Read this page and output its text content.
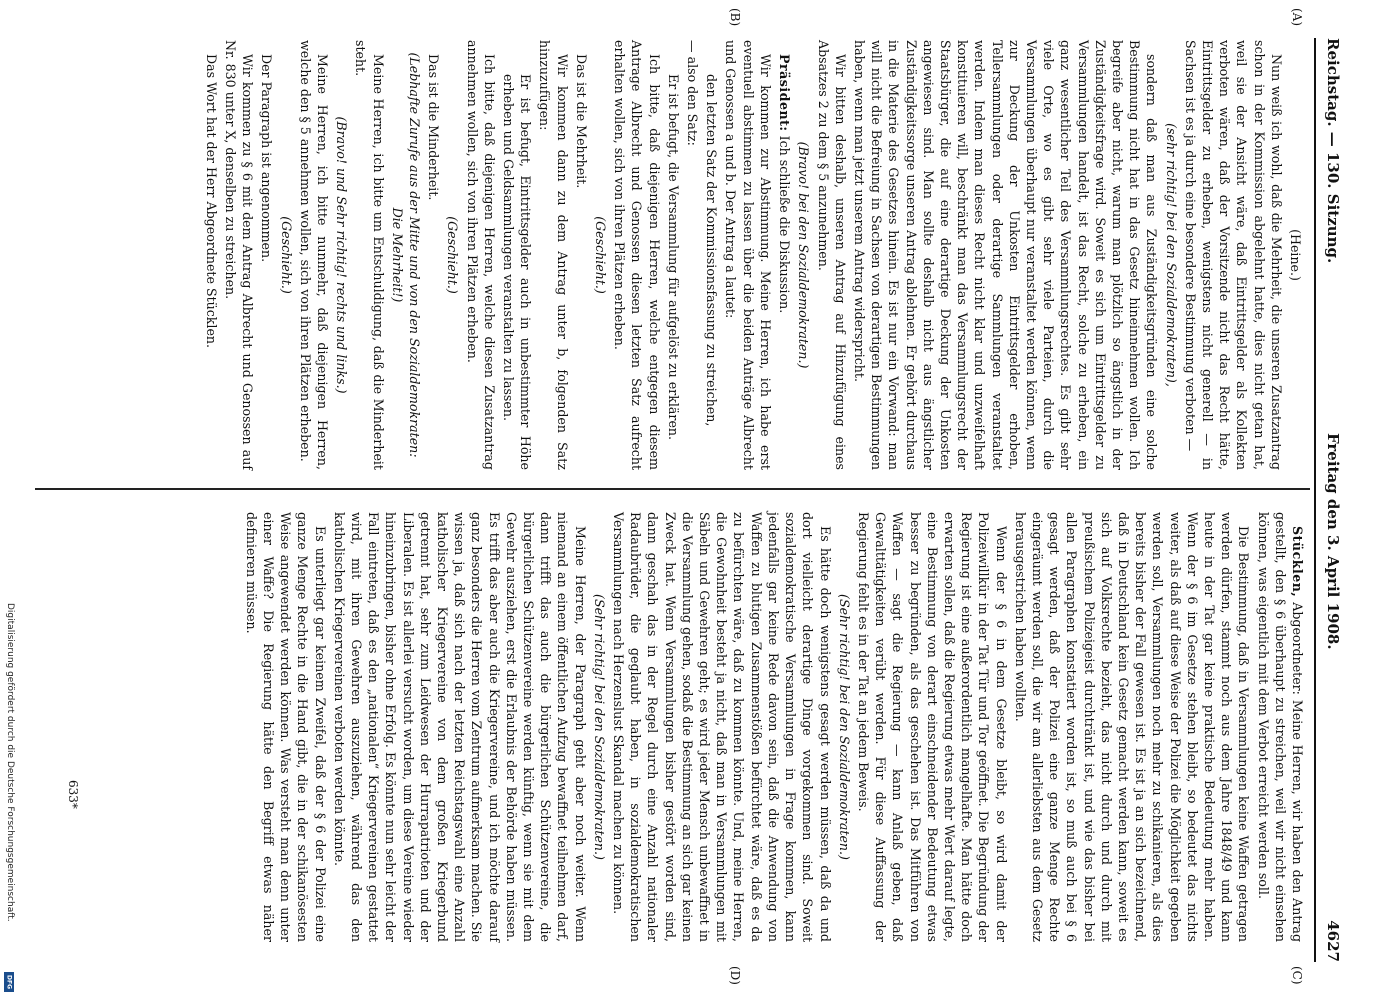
Digitalisierung gefördert durch die Deutsche Forschungsgemeinschaft.
DFG
Reichstag. — 130. Sitzung.
Freitag den 3. April 1908.
4627
(A)
(B)
(C)
(D)

(Heine.)

Nun weiß ich wohl, daß die Mehrheit, die unseren Zusatzantrag schon in der Kommission abgelehnt hatte, dies nicht getan hat, weil sie der Ansicht wäre, daß Eintrittsgelder als Kollekten verboten wären, daß der Vorsitzende nicht das Recht hätte, Eintrittsgelder zu erheben, wenigstens nicht generell — in Sachsen ist es ja durch eine besondere Bestimmung verboten —

(sehr richtig! bei den Sozialdemokraten),

sondern daß man aus Zuständigkeitsgründen eine solche Bestimmung nicht hat in das Gesetz hineinnehmen wollen. Ich begreife aber nicht, warum man plötzlich so ängstlich in der Zuständigkeitsfrage wird. Soweit es sich um Eintrittsgelder zu Versammlungen handelt, ist das Recht, solche zu erheben, ein ganz wesentlicher Teil des Versammlungsrechtes. Es gibt sehr viele Orte, wo es gibt sehr viele Parteien, durch die Versammlungen überhaupt nur veranstaltet werden können, wenn zur Deckung der Unkosten Eintrittsgelder erhoben, Tellersammlungen oder derartige Sammlungen veranstaltet werden. Indem man dieses Recht nicht klar und unzweifelhaft konstituieren will, beschränkt man das Versammlungsrecht der Staatsbürger, die auf eine derartige Deckung der Unkosten angewiesen sind. Man sollte deshalb nicht aus ängstlicher Zuständigkeitssorge unseren Antrag ablehnen. Er gehört durchaus in die Materie des Gesetzes hinein. Es ist nur ein Vorwand: man will nicht die Befreiung in Sachsen von derartigen Bestimmungen haben, wenn man jetzt unserem Antrag widerspricht.

Wir bitten deshalb, unseren Antrag auf Hinzufügung eines Absatzes 2 zu dem § 5 anzunehmen.

(Bravo! bei den Sozialdemokraten.)

Präsident: Ich schließe die Diskussion.

Wir kommen zur Abstimmung. Meine Herren, ich habe erst eventuell abstimmen zu lassen über die beiden Anträge Albrecht und Genossen a und b. Der Antrag a lautet:

den letzten Satz der Kommissionsfassung zu streichen,

— also den Satz:

Er ist befugt, die Versammlung für aufgelöst zu erklären.

Ich bitte, daß diejenigen Herren, welche entgegen diesem Antrage Albrecht und Genossen diesen letzten Satz aufrecht erhalten wollen, sich von ihren Plätzen erheben.

(Geschieht.)

Das ist die Mehrheit.

Wir kommen dann zu dem Antrag unter b, folgenden Satz hinzuzufügen:

Er ist befugt, Eintrittsgelder auch in unbestimmter Höhe erheben und Geldsammlungen veranstalten zu lassen.

Ich bitte, daß diejenigen Herren, welche diesen Zusatzantrag annehmen wollen, sich von ihren Plätzen erheben.

(Geschieht.)

Das ist die Minderheit.

(Lebhafte Zurufe aus der Mitte und von den Sozialdemokraten: Die Mehrheit!)

Meine Herren, ich bitte um Entschuldigung, daß die Minderheit steht.

(Bravo! und Sehr richtig! rechts und links.)

Meine Herren, ich bitte nunmehr, daß diejenigen Herren, welche den § 5 annehmen wollen, sich von ihren Plätzen erheben.

(Geschieht.)

Der Paragraph ist angenommen.

Wir kommen zu § 6 mit dem Antrag Albrecht und Genossen auf Nr. 830 unter X, denselben zu streichen.

Das Wort hat der Herr Abgeordnete Stücklen.

Stücklen, Abgeordneter: Meine Herren, wir haben den Antrag gestellt, den § 6 überhaupt zu streichen, weil wir nicht einsehen können, was eigentlich mit dem Verbot erreicht werden soll.

Die Bestimmung, daß in Versammlungen keine Waffen getragen werden dürfen, stammt noch aus dem Jahre 1848/49 und kann heute in der Tat gar keine praktische Bedeutung mehr haben. Wenn der § 6 im Gesetze stehen bleibt, so bedeutet das nichts weiter, als daß auf diese Weise der Polizei die Möglichkeit gegeben werden soll, Versammlungen noch mehr zu schikanieren, als dies bereits bisher der Fall gewesen ist. Es ist ja an sich bezeichnend, daß in Deutschland kein Gesetz gemacht werden kann, soweit es sich auf Volksrechte bezieht, das nicht durch und durch mit preußischem Polizeigeist durchtränkt ist, und wie das bisher bei allen Paragraphen konstatiert worden ist, so muß auch bei § 6 gesagt werden, daß der Polizei eine ganze Menge Rechte eingeräumt werden soll, die wir am allerliebsten aus dem Gesetz herausgestrichen haben wollten.

Wenn der § 6 in dem Gesetze bleibt, so wird damit der Polizeiwillkür in der Tat Tür und Tor geöffnet. Die Begründung der Regierung ist eine außerordentlich mangelhafte. Man hätte doch erwarten sollen, daß die Regierung etwas mehr Wert darauf legte, eine Bestimmung von derart einschneidender Bedeutung etwas besser zu begründen, als das geschehen ist. Das Mitführen von Waffen — sagt die Regierung — kann Anlaß geben, daß Gewalttätigkeiten verübt werden. Für diese Auffassung der Regierung fehlt es in der Tat an jedem Beweis.

(Sehr richtig! bei den Sozialdemokraten.)

Es hätte doch wenigstens gesagt werden müssen, daß da und dort vielleicht derartige Dinge vorgekommen sind. Soweit sozialdemokratische Versammlungen in Frage kommen, kann jedenfalls gar keine Rede davon sein, daß die Anwendung von Waffen zu blutigen Zusammenstößen befürchtet wäre, daß es da zu befürchten wäre, daß zu kommen könnte. Und, meine Herren, die Gewohnheit besteht ja nicht, daß man in Versammlungen mit Säbeln und Gewehren geht; es wird jeder Mensch unbewaffnet in die Versammlung gehen, sodaß die Bestimmung an sich gar keinen Zweck hat. Wenn Versammlungen bisher gestört worden sind, dann geschah das in der Regel durch eine Anzahl nationaler Radaubrüder, die geglaubt haben, in sozialdemokratischen Versammlungen nach Herzenslust Skandal machen zu können.

(Sehr richtig! bei den Sozialdemokraten.)

Meine Herren, der Paragraph geht aber noch weiter. Wenn niemand an einem öffentlichen Aufzug bewaffnet teilnehmen darf, dann trifft das auch die bürgerlichen Schützenvereine, die bürgerlichen Schützenvereine werden künftig, wenn sie mit dem Gewehr ausziehen, erst die Erlaubnis der Behörde haben müssen. Es trifft das aber auch die Kriegervereine, und ich möchte darauf ganz besonders die Herren vom Zentrum aufmerksam machen. Sie wissen ja, daß sich nach der letzten Reichstagswahl eine Anzahl katholischer Kriegervereine von dem großen Kriegerbund getrennt hat, sehr zum Leidwesen der Hurrapatrioten und der Liberalen. Es ist allerlei versucht worden, um diese Vereine wieder hineinzubringen, bisher ohne Erfolg. Es könnte nun sehr leicht der Fall eintreten, daß es den „nationalen“ Kriegervereinen gestattet wird, mit ihren Gewehren auszuziehen, während das den katholischen Kriegervereinen verboten werden könnte.

Es unterliegt gar keinem Zweifel, daß der § 6 der Polizei eine ganze Menge Rechte in die Hand gibt, die in der schikanösesten Weise angewendet werden können. Was versteht man denn unter einer Waffe? Die Regierung hätte den Begriff etwas näher definieren müssen.

633*
